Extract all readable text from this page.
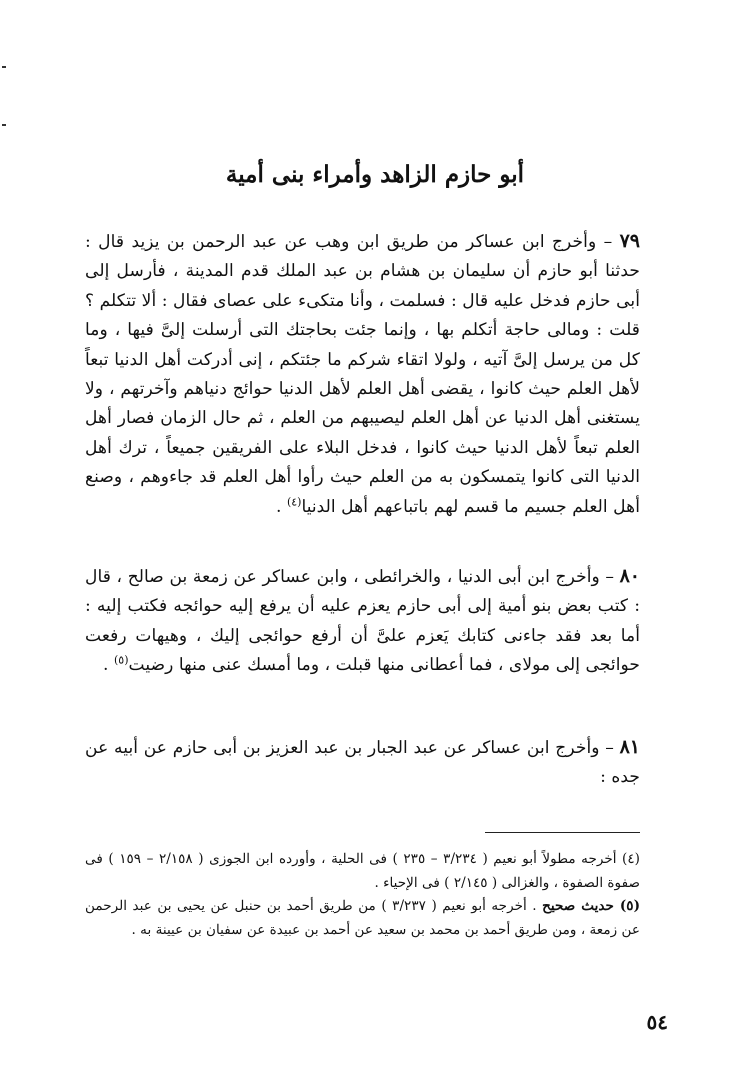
أبو حازم الزاهد وأمراء بنى أمية

٧٩ – وأخرج ابن عساكر من طريق ابن وهب عن عبد الرحمن بن يزيد قال : حدثنا أبو حازم أن سليمان بن هشام بن عبد الملك قدم المدينة ، فأرسل إلى أبى حازم فدخل عليه قال : فسلمت ، وأنا متكىء على عصاى فقال : ألا تتكلم ؟ قلت : ومالى حاجة أتكلم بها ، وإنما جئت بحاجتك التى أرسلت إلىَّ فيها ، وما كل من يرسل إلىَّ آتيه ، ولولا اتقاء شركم ما جئتكم ، إنى أدركت أهل الدنيا تبعاً لأهل العلم حيث كانوا ، يقضى أهل العلم لأهل الدنيا حوائج دنياهم وآخرتهم ، ولا يستغنى أهل الدنيا عن أهل العلم ليصيبهم من العلم ، ثم حال الزمان فصار أهل العلم تبعاً لأهل الدنيا حيث كانوا ، فدخل البلاء على الفريقين جميعاً ، ترك أهل الدنيا التى كانوا يتمسكون به من العلم حيث رأوا أهل العلم قد جاءوهم ، وصنع أهل العلم جسيم ما قسم لهم باتباعهم أهل الدنيا$^{(٤)}$ .

٨٠ – وأخرج ابن أبى الدنيا ، والخرائطى ، وابن عساكر عن زمعة بن صالح ، قال : كتب بعض بنو أمية إلى أبى حازم يعزم عليه أن يرفع إليه حوائجه فكتب إليه : أما بعد فقد جاءنى كتابك يَعزم علىَّ أن أرفع حوائجى إليك ، وهيهات رفعت حوائجى إلى مولاى ، فما أعطانى منها قبلت ، وما أمسك عنى منها رضيت$^{(٥)}$ .

٨١ – وأخرج ابن عساكر عن عبد الجبار بن عبد العزيز بن أبى حازم عن أبيه عن جده :

(٤) أخرجه مطولاً أبو نعيم ( ٣/٢٣٤ – ٢٣٥ ) فى الحلية ، وأورده ابن الجوزى ( ٢/١٥٨ – ١٥٩ ) فى صفوة الصفوة ، والغزالى ( ٢/١٤٥ ) فى الإحياء .

(٥) حديث صحيح . أخرجه أبو نعيم ( ٣/٢٣٧ ) من طريق أحمد بن حنبل عن يحيى بن عبد الرحمن عن زمعة ، ومن طريق أحمد بن محمد بن سعيد عن أحمد بن عبيدة عن سفيان بن عيينة به .

٥٤
